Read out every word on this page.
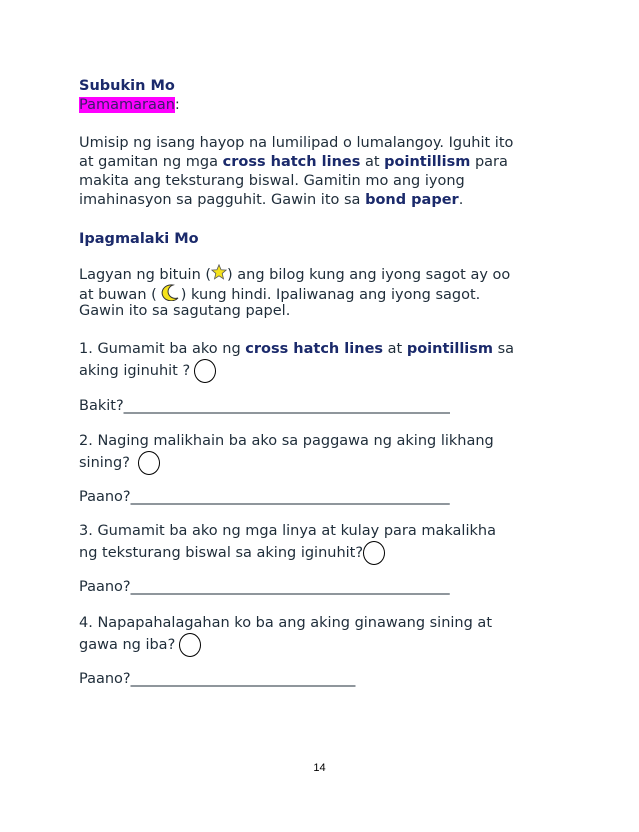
Subukin Mo
Pamamaraan:
Umisip ng isang hayop na lumilipad o lumalangoy. Iguhit ito
at gamitan ng mga cross hatch lines at pointillism para
makita ang teksturang biswal. Gamitin mo ang iyong
imahinasyon sa pagguhit. Gawin ito sa bond paper.
Ipagmalaki Mo
Lagyan ng bituin ( ) ang bilog kung ang iyong sagot ay oo
at buwan ( ) kung hindi. Ipaliwanag ang iyong sagot.
Gawin ito sa sagutang papel.
1. Gumamit ba ako ng cross hatch lines at pointillism sa
aking iginuhit ?
Bakit?_____________________________________________
2. Naging malikhain ba ako sa paggawa ng aking likhang
sining?
Paano?____________________________________________
3. Gumamit ba ako ng mga linya at kulay para makalikha
ng teksturang biswal sa aking iginuhit?
Paano?____________________________________________
4. Napapahalagahan ko ba ang aking ginawang sining at
gawa ng iba?
Paano?_______________________________
14
